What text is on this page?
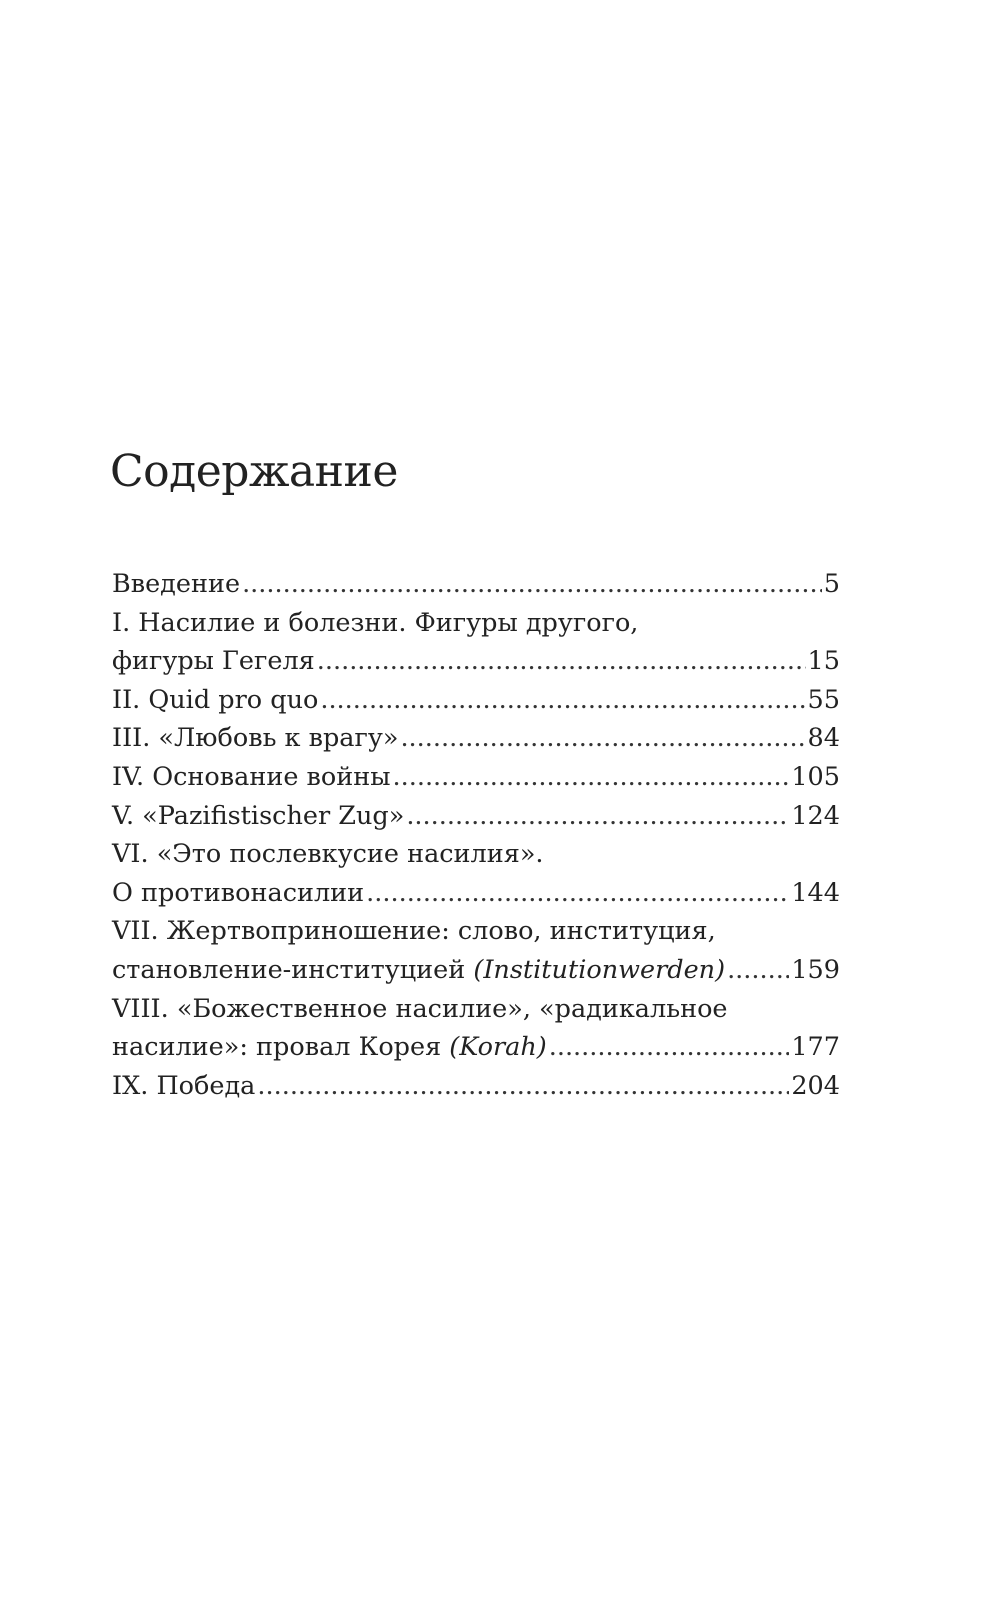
Содержание
Введение .....	5
I. Насилие и болезни. Фигуры другого,
фигуры Гегеля .....	15
II. Quid pro quo .....	55
III. «Любовь к врагу» .....	84
IV. Основание войны .....	105
V. «Pazifistischer Zug» .....	124
VI. «Это послевкусие насилия».
О противонасилии .....	144
VII. Жертвоприношение: слово, институция,
становление-институцией (Institutionwerden) .....	159
VIII. «Божественное насилие», «радикальное
насилие»: провал Корея (Korah) .....	177
IX. Победа .....	204
